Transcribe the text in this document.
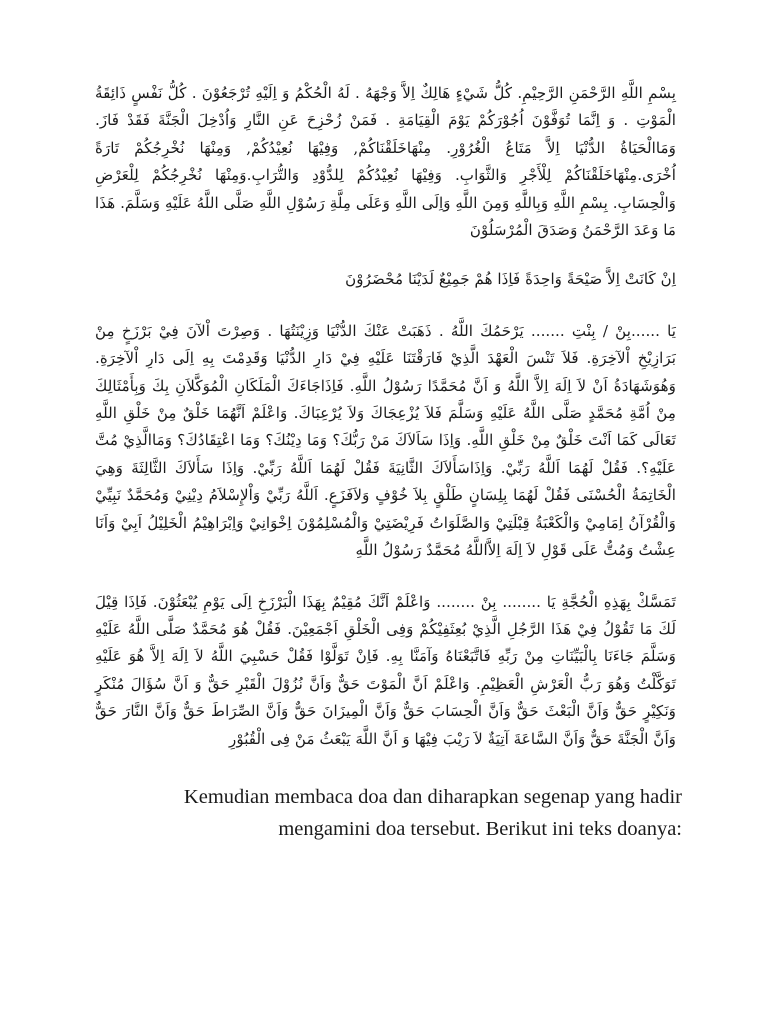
بِسْمِ اللَّهِ الرَّحْمَنِ الرَّحِيْمِ. كُلُّ شَيْءٍ هَالِكٌ اِلاَّ وَجْهَهُ . لَهُ الْحُكْمُ وَ اِلَيْهِ تُرْجَعُوْنَ . كُلُّ نَفْسٍ ذَائِقَةُ الْمَوْتِ . وَ اِنَّمَا تُوَفَّوْنَ اُجُوْرَكُمْ يَوْمَ الْقِيَامَةِ . فَمَنْ زُحْزِحَ عَنِ النَّارِ وَاُدْخِلَ الْجَنَّةَ فَقَدْ فَازَ. وَمَاالْحَيَاةُ الدُّنْيَا اِلاَّ مَتَاعُ الْغُرُوْرِ. مِنْهَاخَلَقْنَاكُمْ, وَفِيْهَا نُعِيْدُكُمْ, وَمِنْهَا نُخْرِجُكُمْ تَارَةً اُخْرَى.مِنْهَاخَلَقْنَاكُمْ لِلْأَجْرِ وَالثَّوَابِ. وَفِيْهَا نُعِيْدُكُمْ لِلدُّوْدِ وَالتُّرَابِ.وَمِنْهَا نُخْرِجُكُمْ لِلْعَرْضِ وَالْحِسَابِ. بِسْمِ اللَّهِ وَبِاللَّهِ وَمِنَ اللَّهِ وَاِلَى اللَّهِ وَعَلَى مِلَّةِ رَسُوْلِ اللَّهِ صَلَّى اللَّهُ عَلَيْهِ وَسَلَّمَ. هَذَا مَا وَعَدَ الرَّحْمَنُ وَصَدَقَ الْمُرْسَلُوْنَ

اِنْ كَانَتْ اِلاَّ صَيْحَةً وَاحِدَةً فَاِذَا هُمْ جَمِيْعٌ لَدَيْنَا مُحْضَرُوْنَ

يَا ......بِنْ / بِنْتِ ....... يَرْحَمُكَ اللَّهُ . ذَهَبَتْ عَنْكَ الدُّنْيَا وَزِيْنَتُهَا . وَصِرْتَ اْلآنَ فِيْ بَرْزَخٍ مِنْ بَرَازِيْخِ اْلآخِرَةِ. فَلاَ تَنْسَ الْعَهْدَ الَّذِيْ فَارَقْتَنَا عَلَيْهِ فِيْ دَارِ الدُّنْيَا وَقَدِمْتَ بِهِ اِلَى دَارِ اْلآخِرَةِ. وَهُوَشَهَادَةُ اَنْ لاَ اِلَهَ اِلاَّ اللَّهُ وَ اَنَّ مُحَمَّدًا رَسُوْلُ اللَّهِ. فَاِذَاجَاءَكَ الْمَلَكَانِ الْمُوَكَّلاَنِ بِكَ وَبِأَمْثَالِكَ مِنْ اُمَّةِ مُحَمَّدٍ صَلَّى اللَّهُ عَلَيْهِ وَسَلَّمَ فَلاَ يُزْعِجَاكَ وَلاَ يُرْعِبَاكَ. وَاعْلَمْ اَنَّهُمَا خَلْقٌ مِنْ خَلْقِ اللَّهِ تَعَالَى كَمَا اَنْتَ خَلْقٌ مِنْ خَلْقِ اللَّهِ. وَاِذَا سَاَلاَكَ مَنْ رَبُّكَ؟ وَمَا دِيْنُكَ؟ وَمَا اعْتِقَادُكَ؟ وَمَاالَّذِيْ مُتَّ عَلَيْهِ؟. فَقُلْ لَهُمَا اَللَّهُ رَبِّيْ. وَاِذَاسَأَلاَكَ الثَّانِيَةَ فَقُلْ لَهُمَا اَللَّهُ رَبِّيْ. وَاِذَا سَأَلاَكَ الثَّالِثَةَ وَهِيَ الْخَاتِمَةُ الْحُسْنَى فَقُلْ لَهُمَا بِلِسَانٍ طَلْقٍ بِلاَ خُوْفٍ وَلاَفَزَعٍ. اَللَّهُ رَبِّيْ وَاْلإِسْلاَمُ دِيْنِيْ وَمُحَمَّدٌ نَبِيِّيْ وَالْقُرْآنُ اِمَامِيْ وَالْكَعْبَةُ قِبْلَتِيْ وَالصَّلَوَاتُ فَرِيْضَتِيْ وَالْمُسْلِمُوْنَ اِخْوَانِيْ وَاِبْرَاهِيْمُ الْخَلِيْلُ اَبِيْ وَاَنَا عِشْتُ وَمُتُّ عَلَى قَوْلِ لاَ اِلَهَ اِلاَّاللَّهُ مُحَمَّدٌ رَسُوْلُ اللَّهِ

تَمَسَّكْ بِهَذِهِ الْحُجَّةِ يَا ........ بِنْ ........ وَاعْلَمْ اَنَّكَ مُقِيْمٌ بِهَذَا الْبَرْزَخِ اِلَى يَوْمِ يُبْعَثُوْنَ. فَاِذَا قِيْلَ لَكَ مَا تَقُوْلُ فِيْ هَذَا الرَّجُلِ الَّذِيْ بُعِثَفِيْكُمْ وَفِى الْخَلْقِ اَجْمَعِيْنَ. فَقُلْ هُوَ مُحَمَّدٌ صَلَّى اللَّهُ عَلَيْهِ وَسَلَّمَ جَاءَنَا بِالْبَيِّنَاتِ مِنْ رَبِّهِ فَاتَّبَعْنَاهُ وَآمَنَّا بِهِ. فَاِنْ تَوَلَّوْا فَقُلْ حَسْبِيَ اللَّهُ لاَ اِلَهَ اِلاَّ هُوَ عَلَيْهِ تَوَكَّلْتُ وَهُوَ رَبُّ الْعَرْشِ الْعَظِيْمِ. وَاعْلَمْ اَنَّ الْمَوْتَ حَقٌّ وَاَنَّ نُزُوْلَ الْقَبْرِ حَقٌّ وَ اَنَّ سُؤَالَ مُنْكَرٍ وَنَكِيْرٍ حَقٌّ وَاَنَّ الْبَعْثَ حَقٌّ وَاَنَّ الْحِسَابَ حَقٌّ وَاَنَّ الْمِيزَانَ حَقٌّ وَاَنَّ الصِّرَاطَ حَقٌّ وَاَنَّ النَّارَ حَقٌّ وَاَنَّ الْجَنَّةَ حَقٌّ وَاَنَّ السَّاعَةَ آتِيَةٌ لاَ رَيْبَ فِيْهَا وَ اَنَّ اللَّهَ يَبْعَثُ مَنْ فِى الْقُبُوْرِ

Kemudian membaca doa dan diharapkan segenap yang hadir
:mengamini doa tersebut. Berikut ini teks doanya
